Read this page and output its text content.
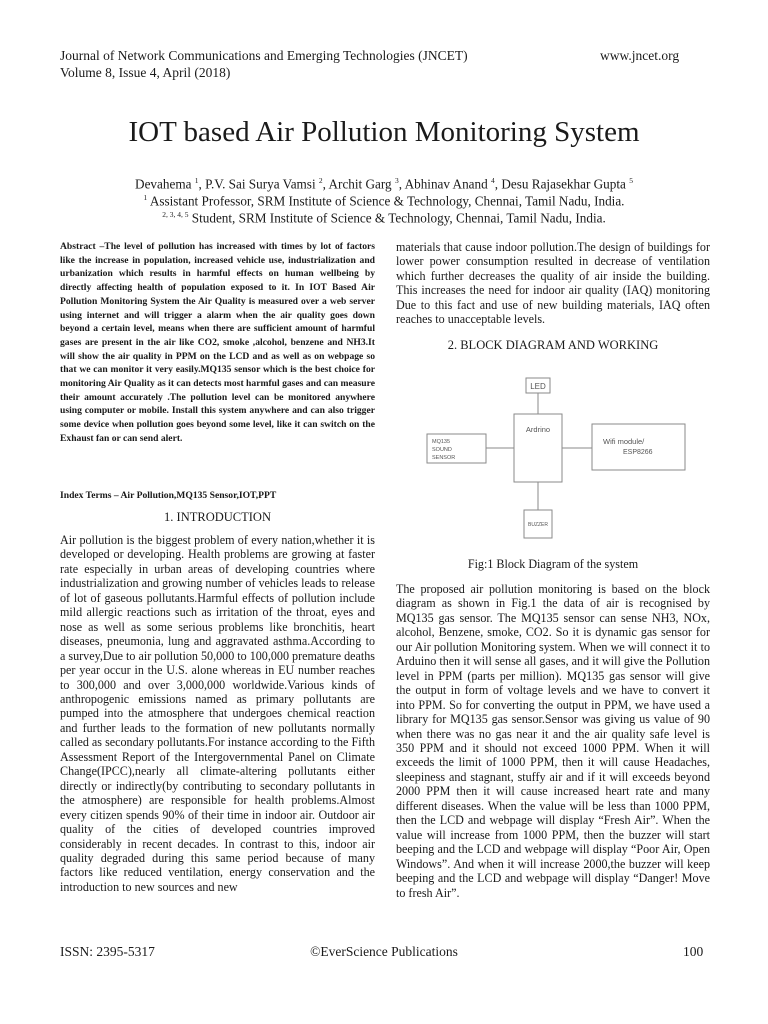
Journal of Network Communications and Emerging Technologies (JNCET)
Volume 8, Issue 4, April (2018)
www.jncet.org
IOT based Air Pollution Monitoring System
Devahema $^1$, P.V. Sai Surya Vamsi $^2$, Archit Garg $^3$, Abhinav Anand $^4$, Desu Rajasekhar Gupta $^5$
$^1$ Assistant Professor, SRM Institute of Science & Technology, Chennai, Tamil Nadu, India.
$^{2, 3, 4, 5}$ Student, SRM Institute of Science & Technology, Chennai, Tamil Nadu, India.
Abstract –The level of pollution has increased with times by lot of factors like the increase in population, increased vehicle use, industrialization and urbanization which results in harmful effects on human wellbeing by directly affecting health of population exposed to it. In IOT Based Air Pollution Monitoring System the Air Quality is measured over a web server using internet and will trigger a alarm when the air quality goes down beyond a certain level, means when there are sufficient amount of harmful gases are present in the air like CO2, smoke ,alcohol, benzene and NH3.It will show the air quality in PPM on the LCD and as well as on webpage so that we can monitor it very easily.MQ135 sensor which is the best choice for monitoring Air Quality as it can detects most harmful gases and can measure their amount accurately .The pollution level can be monitored anywhere using computer or mobile. Install this system anywhere and can also trigger some device when pollution goes beyond some level, like it can switch on the Exhaust fan or can send alert.
Index Terms – Air Pollution,MQ135 Sensor,IOT,PPT
1. INTRODUCTION
Air pollution is the biggest problem of every nation,whether it is developed or developing. Health problems are growing at faster rate especially in urban areas of developing countries where industrialization and growing number of vehicles leads to release of lot of gaseous pollutants.Harmful effects of pollution include mild allergic reactions such as irritation of the throat, eyes and nose as well as some serious problems like bronchitis, heart diseases, pneumonia, lung and aggravated asthma.According to a survey,Due to air pollution 50,000 to 100,000 premature deaths per year occur in the U.S. alone whereas in EU number reaches to 300,000 and over 3,000,000 worldwide.Various kinds of anthropogenic emissions named as primary pollutants are pumped into the atmosphere that undergoes chemical reaction and further leads to the formation of new pollutants normally called as secondary pollutants.For instance according to the Fifth Assessment Report of the Intergovernmental Panel on Climate Change(IPCC),nearly all climate-altering pollutants either directly or indirectly(by contributing to secondary pollutants in the atmosphere) are responsible for health problems.Almost every citizen spends 90% of their time in indoor air. Outdoor air quality of the cities of developed countries improved considerably in recent decades. In contrast to this, indoor air quality degraded during this same period because of many factors like reduced ventilation, energy conservation and the introduction to new sources and new
materials that cause indoor pollution.The design of buildings for lower power consumption resulted in decrease of ventilation which further decreases the quality of air inside the building. This increases the need for indoor air quality (IAQ) monitoring Due to this fact and use of new building materials, IAQ often reaches to unacceptable levels.
2. BLOCK DIAGRAM AND WORKING
LED
MQ135
SOUND
SENSOR
Ardrino
Wifi module/
ESP8266
BUZZER
Fig:1 Block Diagram of the system
The proposed air pollution monitoring is based on the block diagram as shown in Fig.1 the data of air is recognised by MQ135 gas sensor. The MQ135 sensor can sense NH3, NOx, alcohol, Benzene, smoke, CO2. So it is dynamic gas sensor for our Air pollution Monitoring system. When we will connect it to Arduino then it will sense all gases, and it will give the Pollution level in PPM (parts per million). MQ135 gas sensor will give the output in form of voltage levels and we have to convert it into PPM. So for converting the output in PPM, we have used a library for MQ135 gas sensor.Sensor was giving us value of 90 when there was no gas near it and the air quality safe level is 350 PPM and it should not exceed 1000 PPM. When it will exceeds the limit of 1000 PPM, then it will cause Headaches, sleepiness and stagnant, stuffy air and if it will exceeds beyond 2000 PPM then it will cause increased heart rate and many different diseases. When the value will be less than 1000 PPM, then the LCD and webpage will display “Fresh Air”. When the value will increase from 1000 PPM, then the buzzer will start beeping and the LCD and webpage will display “Poor Air, Open Windows”. And when it will increase 2000,the buzzer will keep beeping and the LCD and webpage will display “Danger! Move to fresh Air”.
ISSN: 2395-5317	©EverScience Publications	100
